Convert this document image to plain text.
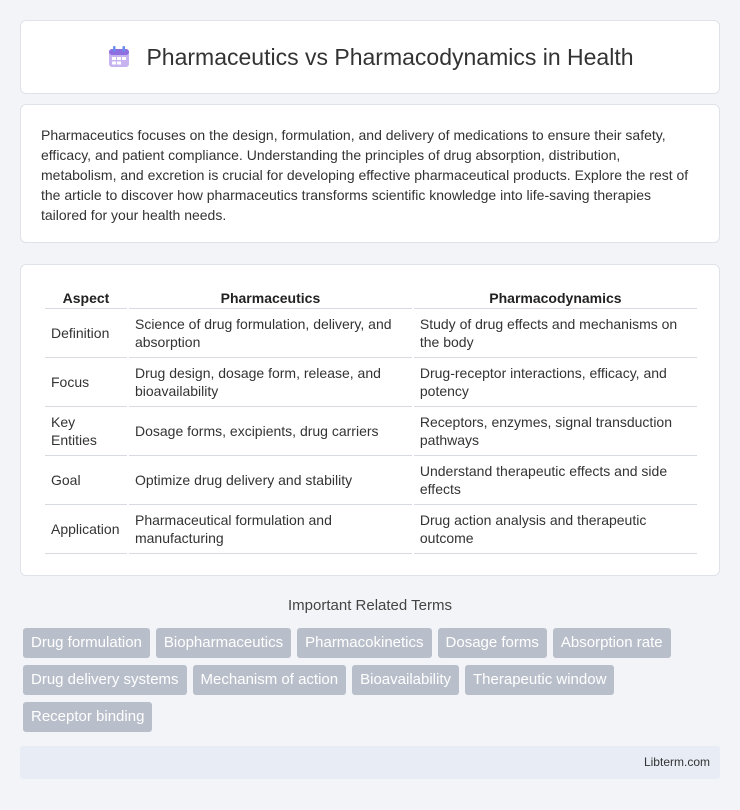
Pharmaceutics vs Pharmacodynamics in Health

Pharmaceutics focuses on the design, formulation, and delivery of medications to ensure their safety, efficacy, and patient compliance. Understanding the principles of drug absorption, distribution, metabolism, and excretion is crucial for developing effective pharmaceutical products. Explore the rest of the article to discover how pharmaceutics transforms scientific knowledge into life-saving therapies tailored for your health needs.

Aspect	Pharmaceutics	Pharmacodynamics
Definition	Science of drug formulation, delivery, and absorption	Study of drug effects and mechanisms on the body
Focus	Drug design, dosage form, release, and bioavailability	Drug-receptor interactions, efficacy, and potency
Key Entities	Dosage forms, excipients, drug carriers	Receptors, enzymes, signal transduction pathways
Goal	Optimize drug delivery and stability	Understand therapeutic effects and side effects
Application	Pharmaceutical formulation and manufacturing	Drug action analysis and therapeutic outcome
Important Related Terms
Drug formulation	Biopharmaceutics	Pharmacokinetics	Dosage forms	Absorption rate
Drug delivery systems	Mechanism of action	Bioavailability	Therapeutic window
Receptor binding
Libterm.com
